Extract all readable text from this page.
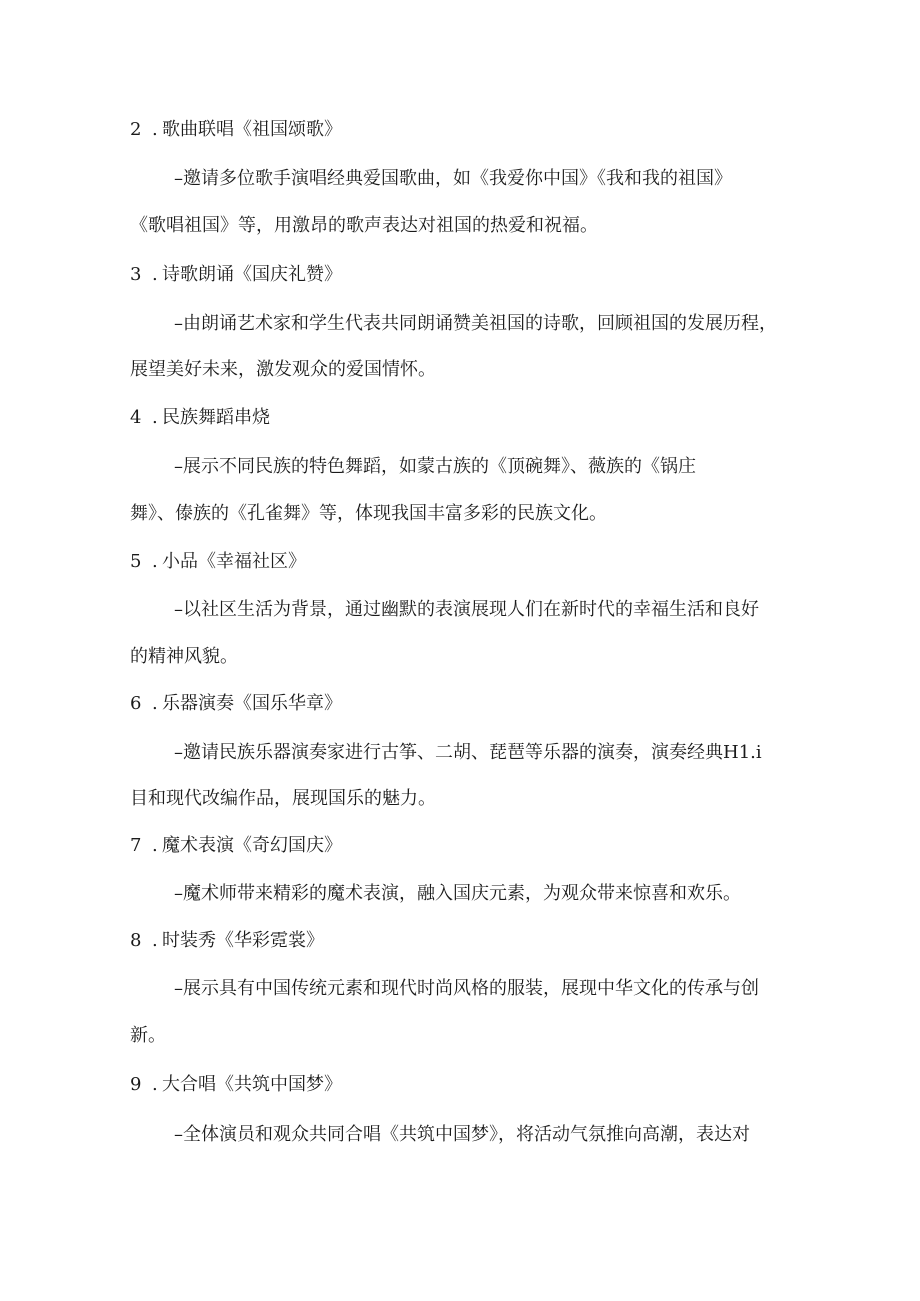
2 . 歌曲联唱《祖国颂歌》
–邀请多位歌手演唱经典爱国歌曲，如《我爱你中国》《我和我的祖国》
《歌唱祖国》等，用激昂的歌声表达对祖国的热爱和祝福。
3 . 诗歌朗诵《国庆礼赞》
–由朗诵艺术家和学生代表共同朗诵赞美祖国的诗歌，回顾祖国的发展历程，
展望美好未来，激发观众的爱国情怀。
4 . 民族舞蹈串烧
–展示不同民族的特色舞蹈，如蒙古族的《顶碗舞》、薇族的《锅庄
舞》、傣族的《孔雀舞》等，体现我国丰富多彩的民族文化。
5 . 小品《幸福社区》
–以社区生活为背景，通过幽默的表演展现人们在新时代的幸福生活和良好
的精神风貌。
6 . 乐器演奏《国乐华章》
–邀请民族乐器演奏家进行古筝、二胡、琵琶等乐器的演奏，演奏经典H1.i
目和现代改编作品，展现国乐的魅力。
7 . 魔术表演《奇幻国庆》
–魔术师带来精彩的魔术表演，融入国庆元素，为观众带来惊喜和欢乐。
8 . 时装秀《华彩霓裳》
–展示具有中国传统元素和现代时尚风格的服装，展现中华文化的传承与创
新。
9 . 大合唱《共筑中国梦》
–全体演员和观众共同合唱《共筑中国梦》，将活动气氛推向高潮，表达对
